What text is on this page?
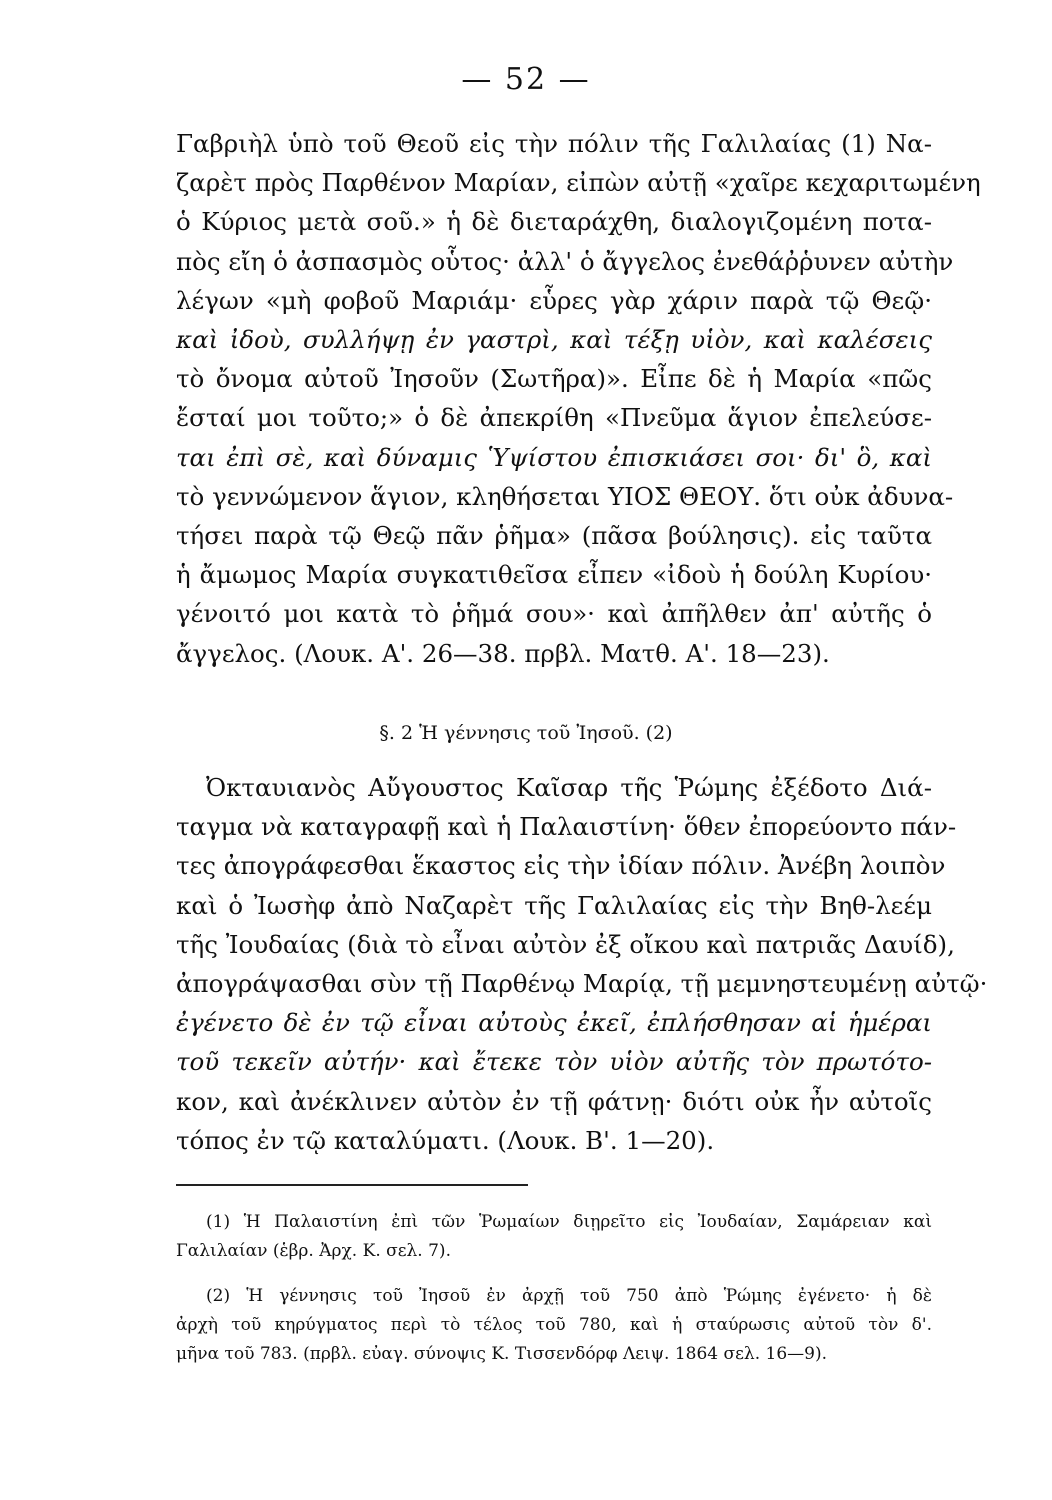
— 52 —
Γαβριὴλ ὑπὸ τοῦ Θεοῦ εἰς τὴν πόλιν τῆς Γαλιλαίας (1) Να-
ζαρὲτ πρὸς Παρθένον Μαρίαν, εἰπὼν αὐτῇ «χαῖρε κεχαριτωμένη
ὁ Κύριος μετὰ σοῦ.» ἡ δὲ διεταράχθη, διαλογιζομένη ποτα-
πὸς εἴη ὁ ἀσπασμὸς οὗτος· ἀλλ' ὁ ἄγγελος ἐνεθάῤῥυνεν αὐτὴν
λέγων «μὴ φοβοῦ Μαριάμ· εὗρες γὰρ χάριν παρὰ τῷ Θεῷ·
καὶ ἰδοὺ, συλλήψῃ ἐν γαστρὶ, καὶ τέξῃ υἱὸν, καὶ καλέσεις
τὸ ὄνομα αὐτοῦ Ἰησοῦν (Σωτῆρα)». Εἶπε δὲ ἡ Μαρία «πῶς
ἔσταί μοι τοῦτο;» ὁ δὲ ἀπεκρίθη «Πνεῦμα ἅγιον ἐπελεύσε-
ται ἐπὶ σὲ, καὶ δύναμις Ὑψίστου ἐπισκιάσει σοι· δι' ὃ, καὶ
τὸ γεννώμενον ἅγιον, κληθήσεται ΥΙΟΣ ΘΕΟΥ. ὅτι οὐκ ἀδυνα-
τήσει παρὰ τῷ Θεῷ πᾶν ῥῆμα» (πᾶσα βούλησις). εἰς ταῦτα
ἡ ἄμωμος Μαρία συγκατιθεῖσα εἶπεν «ἰδοὺ ἡ δούλη Κυρίου·
γένοιτό μοι κατὰ τὸ ῥῆμά σου»· καὶ ἀπῆλθεν ἀπ' αὐτῆς ὁ
ἄγγελος. (Λουκ. Α'. 26—38. πρβλ. Ματθ. Α'. 18—23).
§. 2 Ἡ γέννησις τοῦ Ἰησοῦ. (2)
Ὀκταυιανὸς Αὔγουστος Καῖσαρ τῆς Ῥώμης ἐξέδοτο Διά-
ταγμα νὰ καταγραφῇ καὶ ἡ Παλαιστίνη· ὅθεν ἐπορεύοντο πάν-
τες ἀπογράφεσθαι ἕκαστος εἰς τὴν ἰδίαν πόλιν. Ἀνέβη λοιπὸν
καὶ ὁ Ἰωσὴφ ἀπὸ Ναζαρὲτ τῆς Γαλιλαίας εἰς τὴν Βηθ-λεέμ
τῆς Ἰουδαίας (διὰ τὸ εἶναι αὐτὸν ἐξ οἴκου καὶ πατριᾶς Δαυίδ),
ἀπογράψασθαι σὺν τῇ Παρθένῳ Μαρίᾳ, τῇ μεμνηστευμένῃ αὐτῷ·
ἐγένετο δὲ ἐν τῷ εἶναι αὐτοὺς ἐκεῖ, ἐπλήσθησαν αἱ ἡμέραι
τοῦ τεκεῖν αὐτήν· καὶ ἔτεκε τὸν υἱὸν αὐτῆς τὸν πρωτότο-
κον, καὶ ἀνέκλινεν αὐτὸν ἐν τῇ φάτνῃ· διότι οὐκ ἦν αὐτοῖς
τόπος ἐν τῷ καταλύματι. (Λουκ. Β'. 1—20).
(1) Ἡ Παλαιστίνη ἐπὶ τῶν Ῥωμαίων διῃρεῖτο εἰς Ἰουδαίαν, Σαμάρειαν καὶ
Γαλιλαίαν (ἑβρ. Ἀρχ. Κ. σελ. 7).
(2) Ἡ γέννησις τοῦ Ἰησοῦ ἐν ἀρχῇ τοῦ 750 ἀπὸ Ῥώμης ἐγένετο· ἡ δὲ
ἀρχὴ τοῦ κηρύγματος περὶ τὸ τέλος τοῦ 780, καὶ ἡ σταύρωσις αὐτοῦ τὸν δ'.
μῆνα τοῦ 783. (πρβλ. εὐαγ. σύνοψις Κ. Τισσενδόρφ Λειψ. 1864 σελ. 16—9).
